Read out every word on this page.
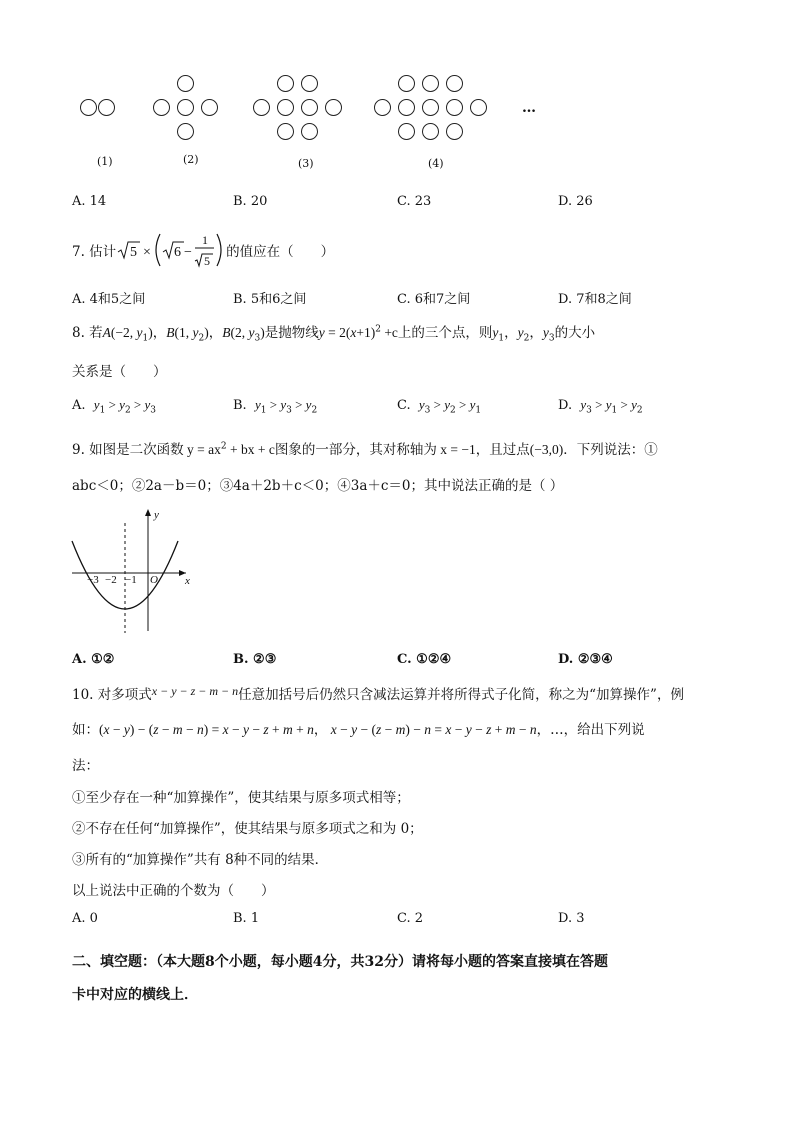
…
(1)	(2)	(3)	(4)
A. 14	B. 20	C. 23	D. 26
7. 估计 5 × 6 −
1
5
的值应在（　　）
A. 4和5之间	B. 5和6之间	C. 6和7之间	D. 7和8之间
8. 若A(−2, $y_1$)，B(1, $y_2$)，B(2, $y_3$)是抛物线$y = 2(x+1)^2 +c$上的三个点，则$y_1$，$y_2$，$y_3$的大小
关系是（　　）
A. $y_1 > y_2 > y_3$	B. $y_1 > y_3 > y_2$	C. $y_3 > y_2 > y_1$	D. $y_3 > y_1 > y_2$
9. 如图是二次函数 $y = ax^2$ + bx + c图象的一部分，其对称轴为 x = −1，且过点(−3,0)．下列说法：①
abc＜0；②2a－b＝0；③4a＋2b＋c＜0；④3a＋c＝0；其中说法正确的是（ ）
y
x
O
−3 −2 −1
A. ①②	B. ②③	C. ①②④	D. ②③④
10. 对多项式x − y − z − m − n任意加括号后仍然只含减法运算并将所得式子化简，称之为“加算操作”，例
如：(x − y) − (z − m − n) = x − y − z + m + n， x − y − (z − m) − n = x − y − z + m − n，…，给出下列说
法：
①至少存在一种“加算操作”，使其结果与原多项式相等；
②不存在任何“加算操作”，使其结果与原多项式之和为 0；
③所有的“加算操作”共有 8种不同的结果．
以上说法中正确的个数为（　　）
A. 0	B. 1	C. 2	D. 3
二、填空题：（本大题8个小题，每小题4分，共32分）请将每小题的答案直接填在答题
卡中对应的横线上．
